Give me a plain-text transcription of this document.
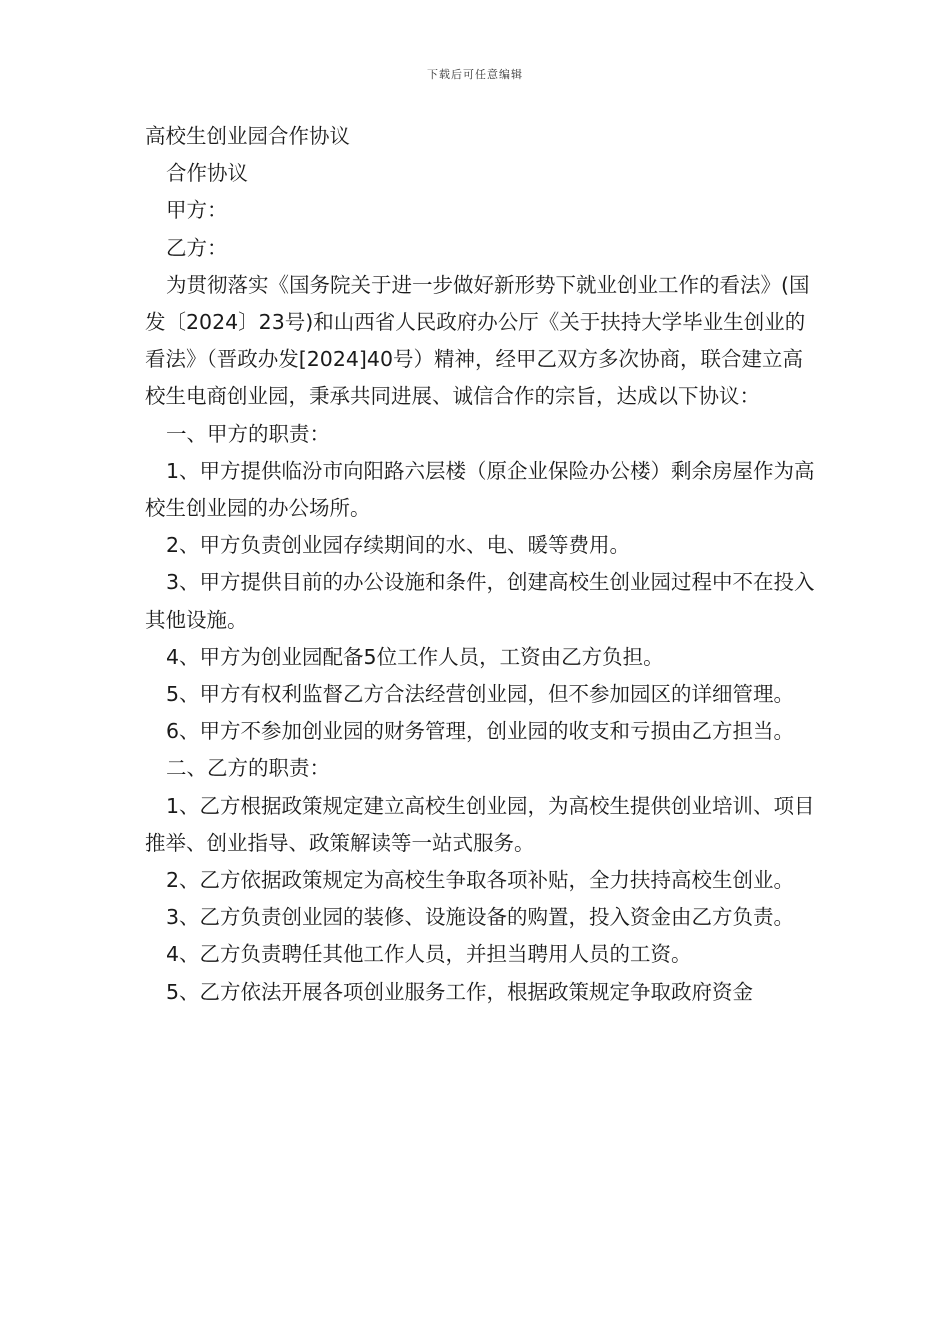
下载后可任意编辑

高校生创业园合作协议

合作协议

甲方：

乙方：

为贯彻落实《国务院关于进一步做好新形势下就业创业工作的看法》(国发〔2024〕23号)和山西省人民政府办公厅《关于扶持大学毕业生创业的看法》（晋政办发[2024]40号）精神，经甲乙双方多次协商，联合建立高校生电商创业园，秉承共同进展、诚信合作的宗旨，达成以下协议：

一、甲方的职责：

1、甲方提供临汾市向阳路六层楼（原企业保险办公楼）剩余房屋作为高校生创业园的办公场所。

2、甲方负责创业园存续期间的水、电、暖等费用。

3、甲方提供目前的办公设施和条件，创建高校生创业园过程中不在投入其他设施。

4、甲方为创业园配备5位工作人员，工资由乙方负担。

5、甲方有权利监督乙方合法经营创业园，但不参加园区的详细管理。

6、甲方不参加创业园的财务管理，创业园的收支和亏损由乙方担当。

二、乙方的职责：

1、乙方根据政策规定建立高校生创业园，为高校生提供创业培训、项目推举、创业指导、政策解读等一站式服务。

2、乙方依据政策规定为高校生争取各项补贴，全力扶持高校生创业。

3、乙方负责创业园的装修、设施设备的购置，投入资金由乙方负责。

4、乙方负责聘任其他工作人员，并担当聘用人员的工资。

5、乙方依法开展各项创业服务工作，根据政策规定争取政府资金
